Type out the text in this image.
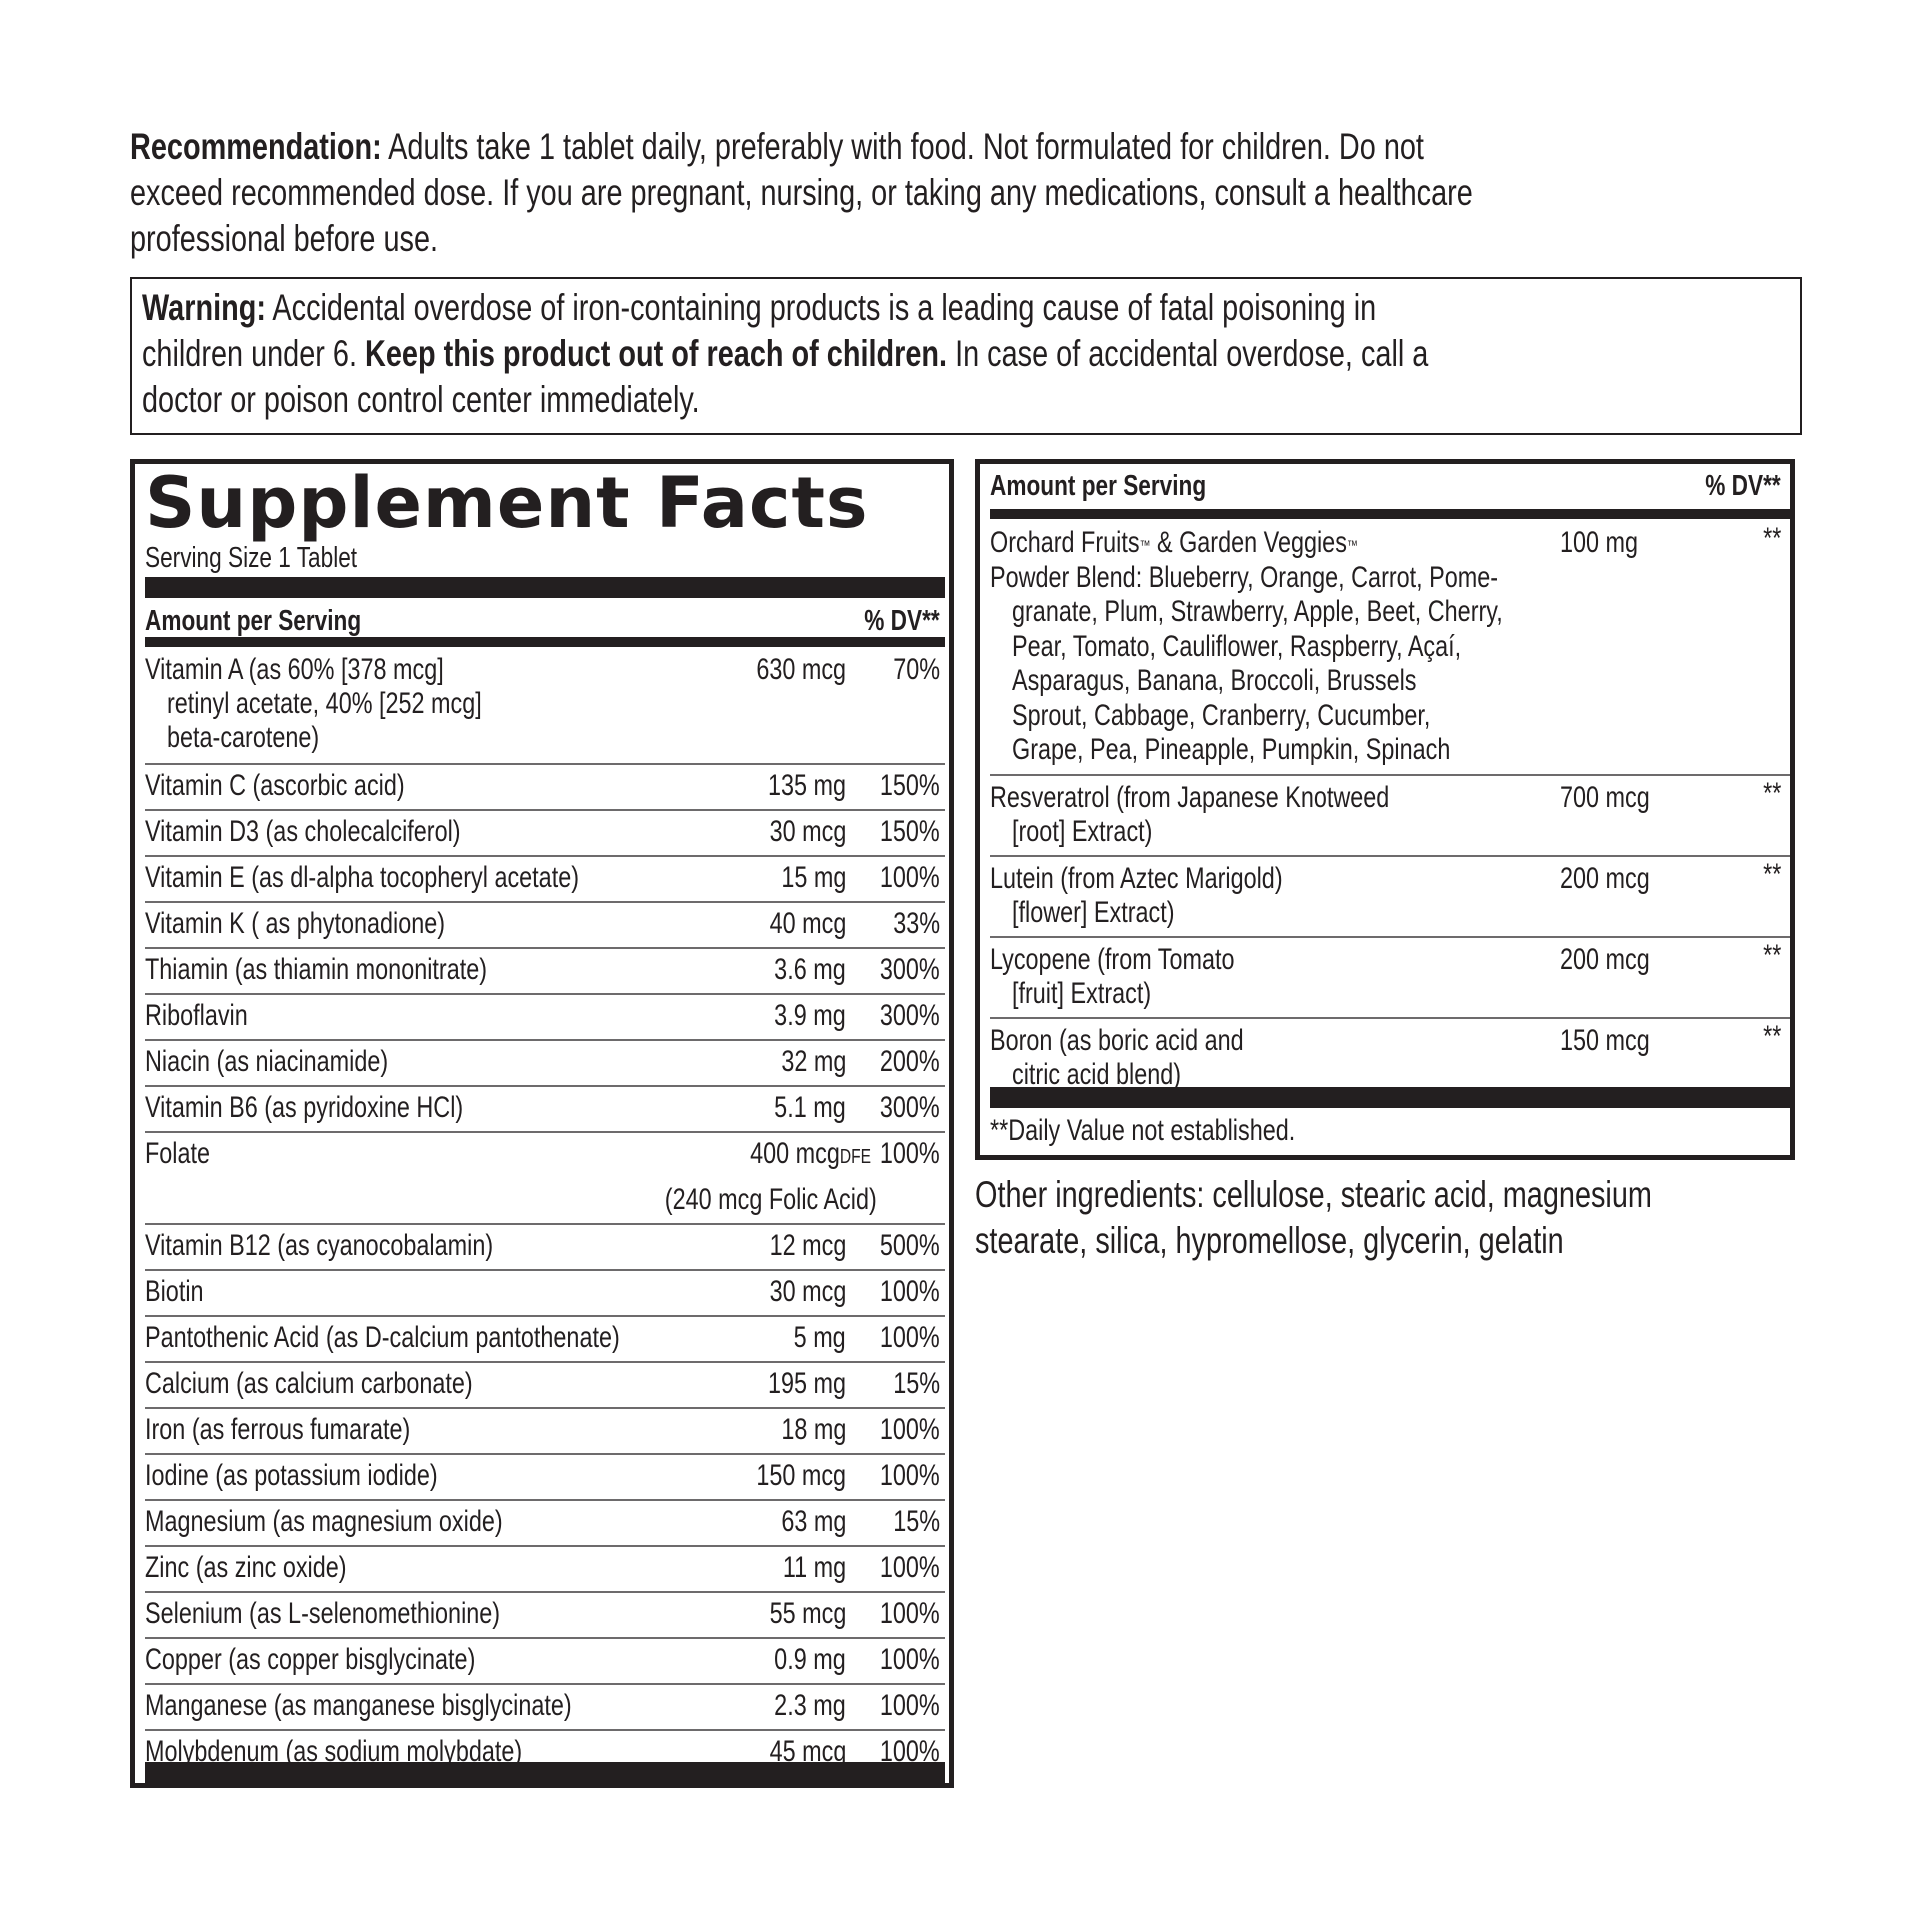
Recommendation: Adults take 1 tablet daily, preferably with food. Not formulated for children. Do not
exceed recommended dose. If you are pregnant, nursing, or taking any medications, consult a healthcare
professional before use.
Warning: Accidental overdose of iron-containing products is a leading cause of fatal poisoning in
children under 6. Keep this product out of reach of children. In case of accidental overdose, call a
doctor or poison control center immediately.
Supplement Facts
Serving Size 1 Tablet
Amount per Serving	% DV**
Vitamin A (as 60% [378 mcg]
retinyl acetate, 40% [252 mcg]
beta-carotene)
630 mcg	70%
Vitamin C (ascorbic acid)	135 mg	150%
Vitamin D3 (as cholecalciferol)	30 mcg	150%
Vitamin E (as dl-alpha tocopheryl acetate)	15 mg	100%
Vitamin K ( as phytonadione)	40 mcg	33%
Thiamin (as thiamin mononitrate)	3.6 mg	300%
Riboflavin	3.9 mg	300%
Niacin (as niacinamide)	32 mg	200%
Vitamin B6 (as pyridoxine HCl)	5.1 mg	300%
Folate	400 mcgDFE 100%
(240 mcg Folic Acid)
Vitamin B12 (as cyanocobalamin)	12 mcg	500%
Biotin	30 mcg	100%
Pantothenic Acid (as D-calcium pantothenate)	5 mg	100%
Calcium (as calcium carbonate)	195 mg	15%
Iron (as ferrous fumarate)	18 mg	100%
Iodine (as potassium iodide)	150 mcg	100%
Magnesium (as magnesium oxide)	63 mg	15%
Zinc (as zinc oxide)	11 mg	100%
Selenium (as L-selenomethionine)	55 mcg	100%
Copper (as copper bisglycinate)	0.9 mg	100%
Manganese (as manganese bisglycinate)	2.3 mg	100%
Molybdenum (as sodium molybdate)	45 mcg	100%
Amount per Serving	% DV**
**Daily Value not established.
Orchard Fruits™ & Garden Veggies™
Powder Blend: Blueberry, Orange, Carrot, Pome-
granate, Plum, Strawberry, Apple, Beet, Cherry,
Pear, Tomato, Cauliflower, Raspberry, Açaí,
Asparagus, Banana, Broccoli, Brussels
Sprout, Cabbage, Cranberry, Cucumber,
Grape, Pea, Pineapple, Pumpkin, Spinach
100 mg	**
Resveratrol (from Japanese Knotweed
[root] Extract)
700 mcg	**
Lutein (from Aztec Marigold)
[flower] Extract)
200 mcg	**
Lycopene (from Tomato
[fruit] Extract)
200 mcg	**
Boron (as boric acid and
citric acid blend)
150 mcg	**
Other ingredients: cellulose, stearic acid, magnesium
stearate, silica, hypromellose, glycerin, gelatin
